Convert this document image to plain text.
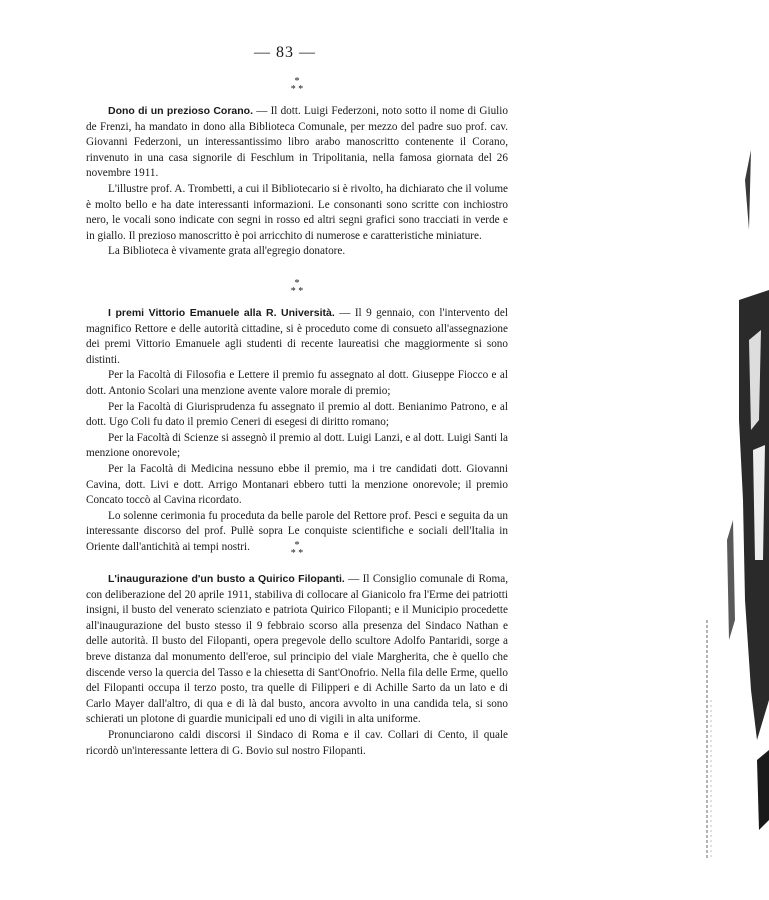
— 83 —
*
* *

Dono di un prezioso Corano. — Il dott. Luigi Federzoni, noto sotto il nome di Giulio de Frenzi, ha mandato in dono alla Biblioteca Comunale, per mezzo del padre suo prof. cav. Giovanni Federzoni, un interessantissimo libro arabo manoscritto contenente il Corano, rinvenuto in una casa signorile di Feschlum in Tripolitania, nella famosa giornata del 26 novembre 1911.

L'illustre prof. A. Trombetti, a cui il Bibliotecario si è rivolto, ha dichiarato che il volume è molto bello e ha date interessanti informazioni. Le consonanti sono scritte con inchiostro nero, le vocali sono indicate con segni in rosso ed altri segni grafici sono tracciati in verde e in giallo. Il prezioso manoscritto è poi arricchito di numerose e caratteristiche miniature.

La Biblioteca è vivamente grata all'egregio donatore.

*
* *

I premi Vittorio Emanuele alla R. Università. — Il 9 gennaio, con l'intervento del magnifico Rettore e delle autorità cittadine, si è proceduto come di consueto all'assegnazione dei premi Vittorio Emanuele agli studenti di recente laureatisi che maggiormente si sono distinti.

Per la Facoltà di Filosofia e Lettere il premio fu assegnato al dott. Giuseppe Fiocco e al dott. Antonio Scolari una menzione avente valore morale di premio;

Per la Facoltà di Giurisprudenza fu assegnato il premio al dott. Benianimo Patrono, e al dott. Ugo Coli fu dato il premio Ceneri di esegesi di diritto romano;

Per la Facoltà di Scienze si assegnò il premio al dott. Luigi Lanzi, e al dott. Luigi Santi la menzione onorevole;

Per la Facoltà di Medicina nessuno ebbe il premio, ma i tre candidati dott. Giovanni Cavina, dott. Livi e dott. Arrigo Montanari ebbero tutti la menzione onorevole; il premio Concato toccò al Cavina ricordato.

Lo solenne cerimonia fu proceduta da belle parole del Rettore prof. Pesci e seguita da un interessante discorso del prof. Pullè sopra Le conquiste scientifiche e sociali dell'Italia in Oriente dall'antichità ai tempi nostri.	*
* *

L'inaugurazione d'un busto a Quirico Filopanti. — Il Consiglio comunale di Roma, con deliberazione del 20 aprile 1911, stabiliva di collocare al Gianicolo fra l'Erme dei patriotti insigni, il busto del venerato scienziato e patriota Quirico Filopanti; e il Municipio procedette all'inaugurazione del busto stesso il 9 febbraio scorso alla presenza del Sindaco Nathan e delle autorità. Il busto del Filopanti, opera pregevole dello scultore Adolfo Pantaridi, sorge a breve distanza dal monumento dell'eroe, sul principio del viale Margherita, che è quello che discende verso la quercia del Tasso e la chiesetta di Sant'Onofrio. Nella fila delle Erme, quello del Filopanti occupa il terzo posto, tra quelle di Filipperi e di Achille Sarto da un lato e di Carlo Mayer dall'altro, di qua e di là dal busto, ancora avvolto in una candida tela, si sono schierati un plotone di guardie municipali ed uno di vigili in alta uniforme.

Pronunciarono caldi discorsi il Sindaco di Roma e il cav. Collari di Cento, il quale ricordò un'interessante lettera di G. Bovio sul nostro Filopanti.
